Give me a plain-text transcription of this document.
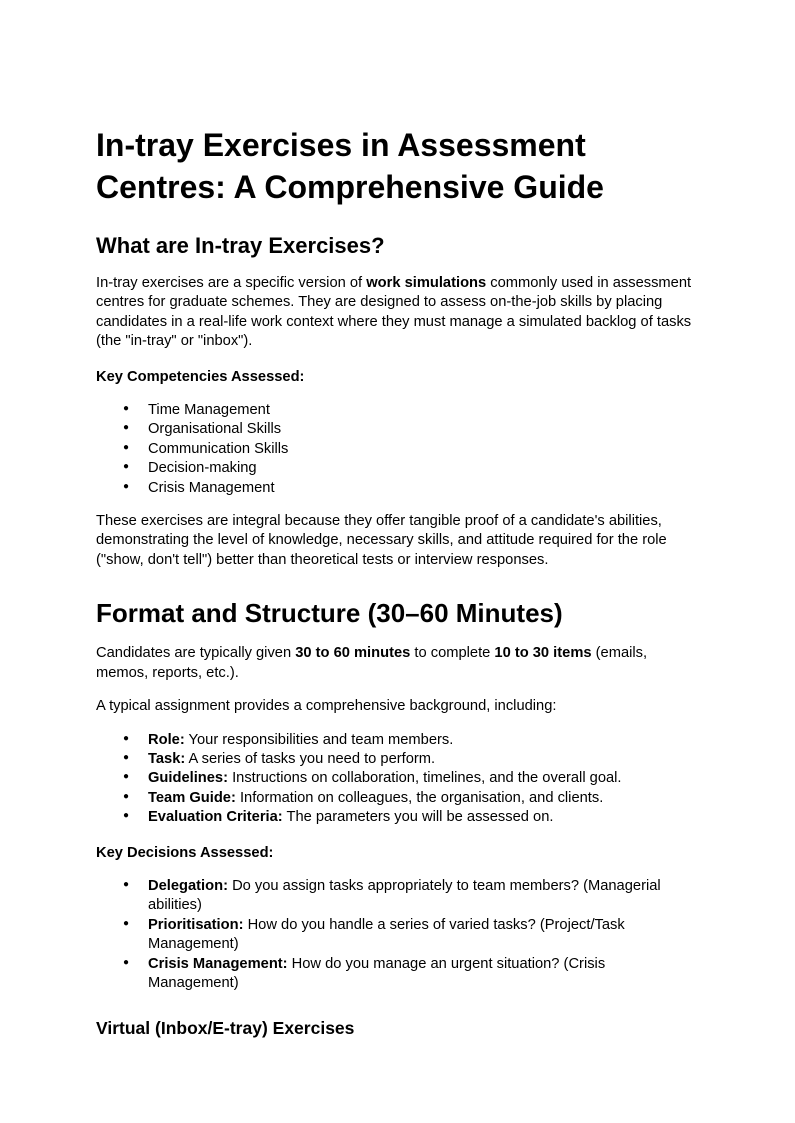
In-tray Exercises in Assessment Centres: A Comprehensive Guide
What are In-tray Exercises?

In-tray exercises are a specific version of work simulations commonly used in assessment centres for graduate schemes. They are designed to assess on-the-job skills by placing candidates in a real-life work context where they must manage a simulated backlog of tasks (the "in-tray" or "inbox").

Key Competencies Assessed:

● Time Management
● Organisational Skills
● Communication Skills
● Decision-making
● Crisis Management

These exercises are integral because they offer tangible proof of a candidate's abilities, demonstrating the level of knowledge, necessary skills, and attitude required for the role ("show, don't tell") better than theoretical tests or interview responses.

Format and Structure (30–60 Minutes)

Candidates are typically given 30 to 60 minutes to complete 10 to 30 items (emails, memos, reports, etc.).

A typical assignment provides a comprehensive background, including:

● Role: Your responsibilities and team members.
● Task: A series of tasks you need to perform.
● Guidelines: Instructions on collaboration, timelines, and the overall goal.
● Team Guide: Information on colleagues, the organisation, and clients.
● Evaluation Criteria: The parameters you will be assessed on.

Key Decisions Assessed:

● Delegation: Do you assign tasks appropriately to team members? (Managerial abilities)
● Prioritisation: How do you handle a series of varied tasks? (Project/Task Management)
● Crisis Management: How do you manage an urgent situation? (Crisis Management)
Virtual (Inbox/E-tray) Exercises
